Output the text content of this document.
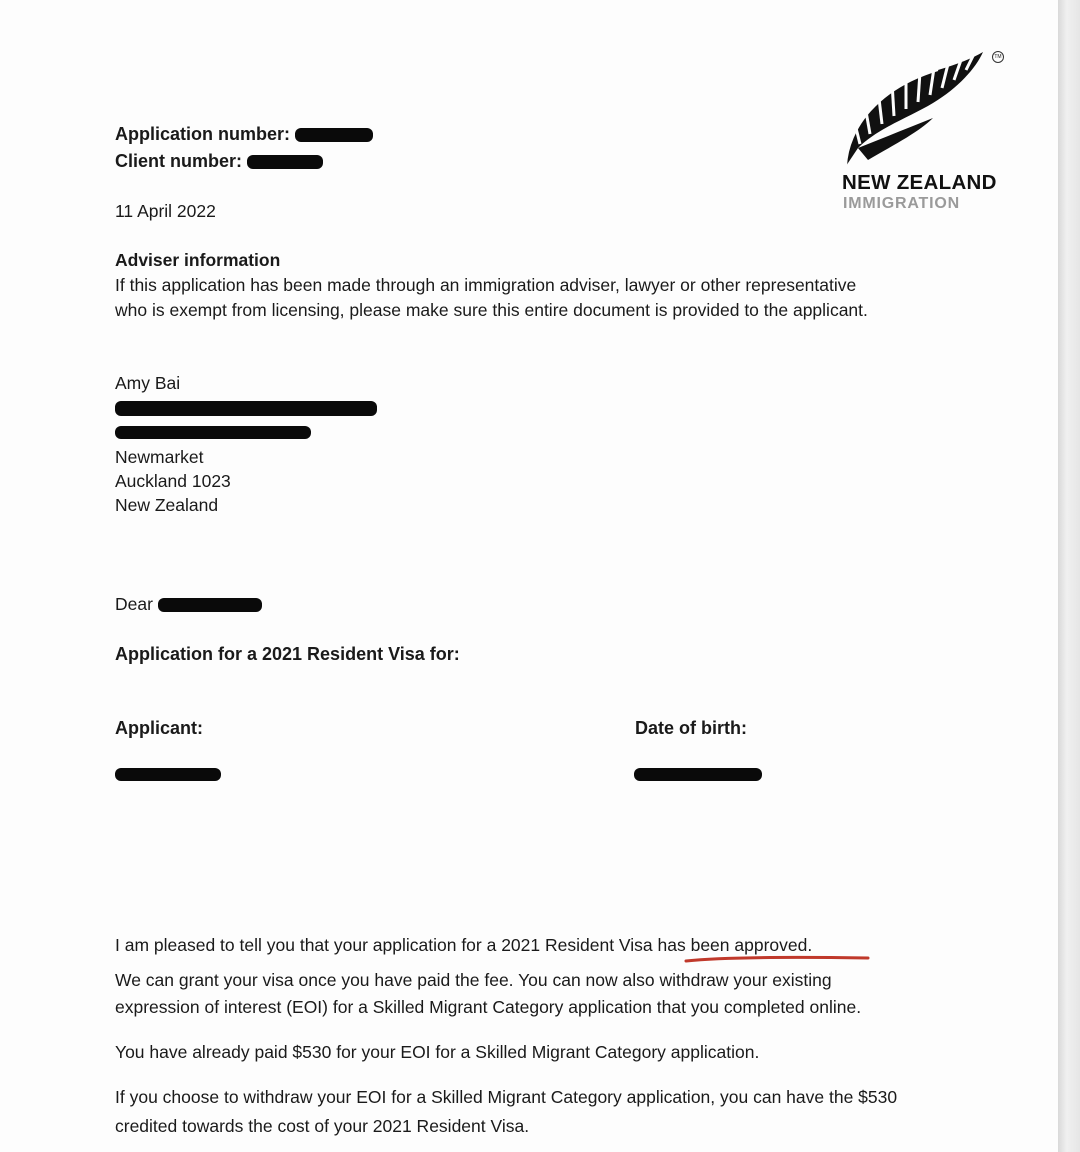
TM
NEW ZEALAND
IMMIGRATION
Application number:
Client number:
11 April 2022
Adviser information
If this application has been made through an immigration adviser, lawyer or other representative
who is exempt from licensing, please make sure this entire document is provided to the applicant.
Amy Bai
Newmarket
Auckland 1023
New Zealand
Dear
Application for a 2021 Resident Visa for:
Applicant:	Date of birth:
I am pleased to tell you that your application for a 2021 Resident Visa has been approved.
We can grant your visa once you have paid the fee. You can now also withdraw your existing
expression of interest (EOI) for a Skilled Migrant Category application that you completed online.
You have already paid $530 for your EOI for a Skilled Migrant Category application.
If you choose to withdraw your EOI for a Skilled Migrant Category application, you can have the $530
credited towards the cost of your 2021 Resident Visa.
